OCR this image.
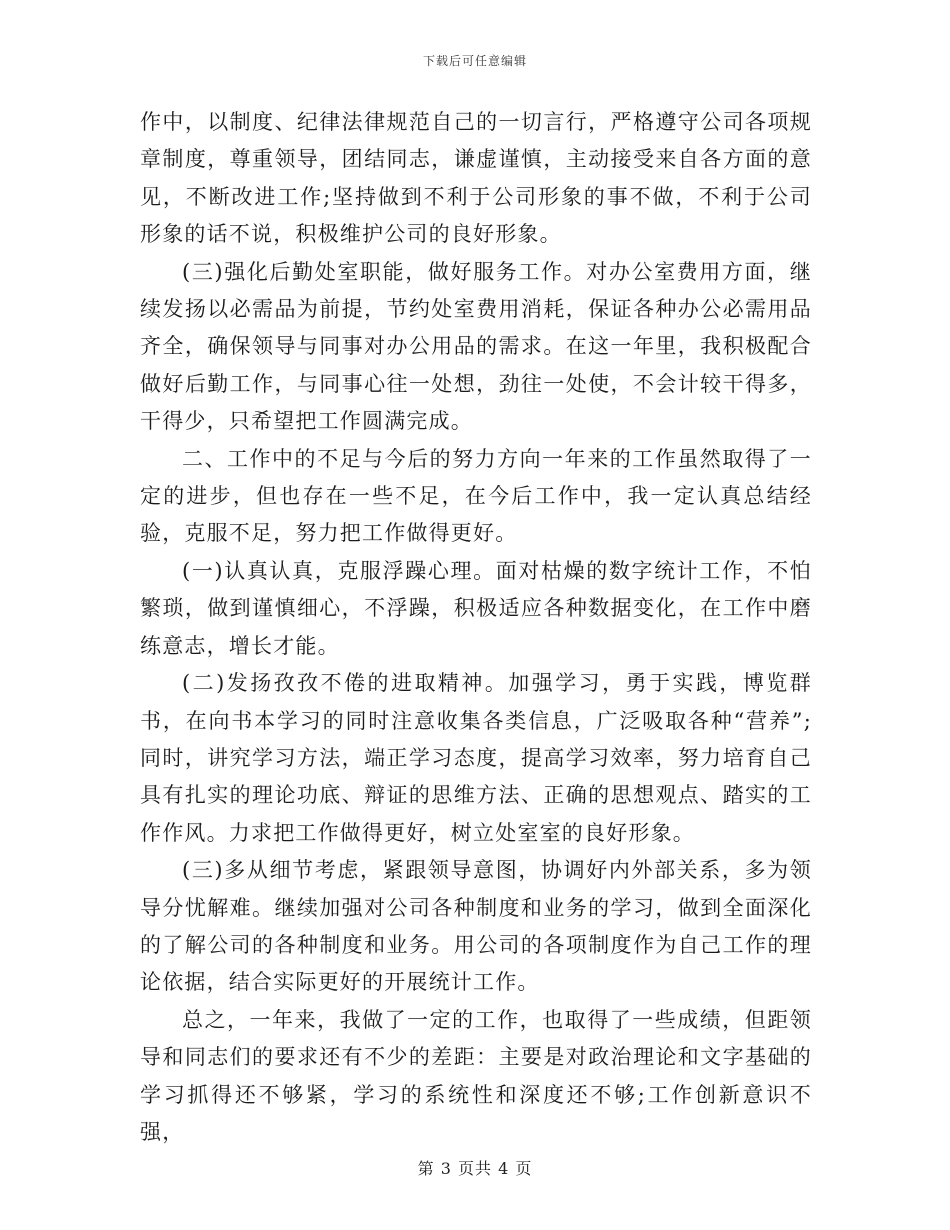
下载后可任意编辑

作中，以制度、纪律法律规范自己的一切言行，严格遵守公司各项规章制度，尊重领导，团结同志，谦虚谨慎，主动接受来自各方面的意见，不断改进工作;坚持做到不利于公司形象的事不做，不利于公司形象的话不说，积极维护公司的良好形象。

(三)强化后勤处室职能，做好服务工作。对办公室费用方面，继续发扬以必需品为前提，节约处室费用消耗，保证各种办公必需用品齐全，确保领导与同事对办公用品的需求。在这一年里，我积极配合做好后勤工作，与同事心往一处想，劲往一处使，不会计较干得多，干得少，只希望把工作圆满完成。

二、工作中的不足与今后的努力方向一年来的工作虽然取得了一定的进步，但也存在一些不足，在今后工作中，我一定认真总结经验，克服不足，努力把工作做得更好。

(一)认真认真，克服浮躁心理。面对枯燥的数字统计工作，不怕繁琐，做到谨慎细心，不浮躁，积极适应各种数据变化，在工作中磨练意志，增长才能。

(二)发扬孜孜不倦的进取精神。加强学习，勇于实践，博览群书，在向书本学习的同时注意收集各类信息，广泛吸取各种“营养”;同时，讲究学习方法，端正学习态度，提高学习效率，努力培育自己具有扎实的理论功底、辩证的思维方法、正确的思想观点、踏实的工作作风。力求把工作做得更好，树立处室室的良好形象。

(三)多从细节考虑，紧跟领导意图，协调好内外部关系，多为领导分忧解难。继续加强对公司各种制度和业务的学习，做到全面深化的了解公司的各种制度和业务。用公司的各项制度作为自己工作的理论依据，结合实际更好的开展统计工作。

总之，一年来，我做了一定的工作，也取得了一些成绩，但距领导和同志们的要求还有不少的差距：主要是对政治理论和文字基础的学习抓得还不够紧，学习的系统性和深度还不够;工作创新意识不强，

第 3 页共 4 页
